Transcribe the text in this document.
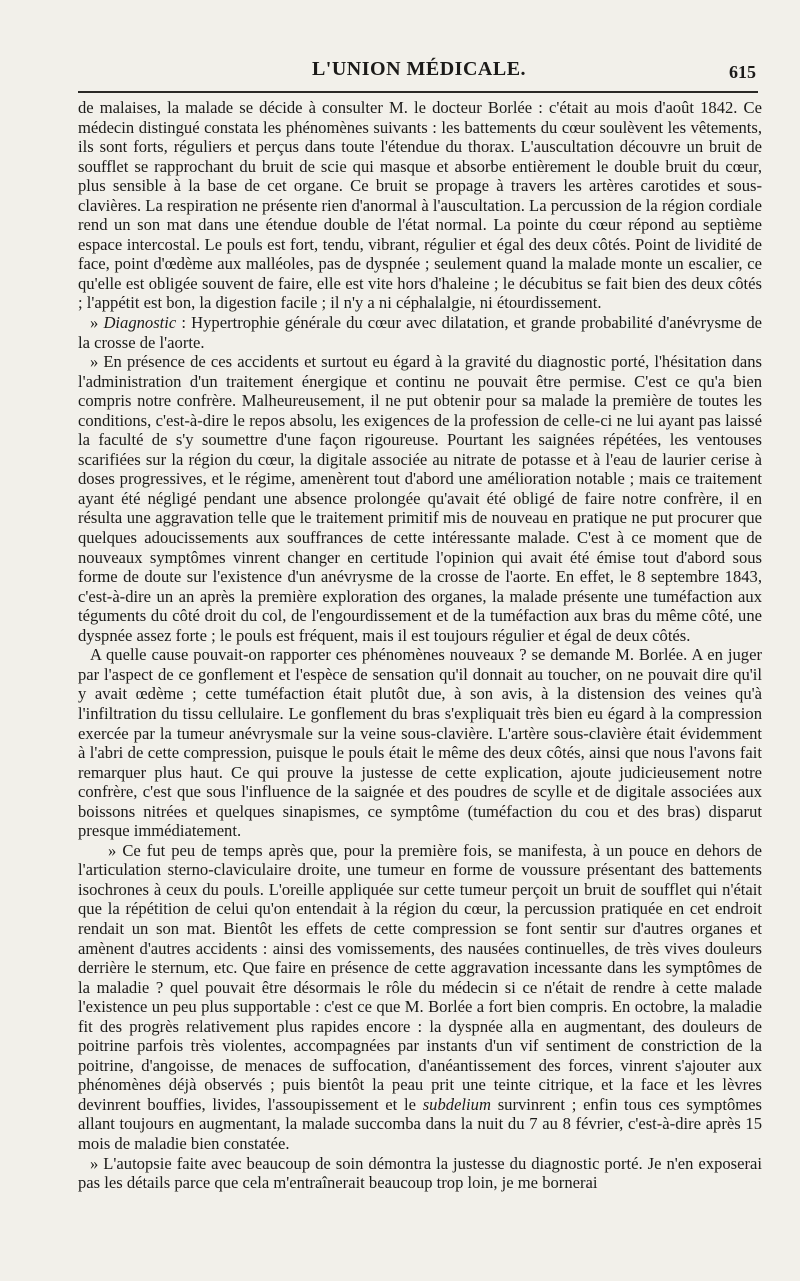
L'UNION MÉDICALE.	615

de malaises, la malade se décide à consulter M. le docteur Borlée : c'était au mois d'août 1842. Ce médecin distingué constata les phénomènes suivants : les battements du cœur soulèvent les vêtements, ils sont forts, réguliers et perçus dans toute l'étendue du thorax. L'auscultation découvre un bruit de soufflet se rapprochant du bruit de scie qui masque et absorbe entièrement le double bruit du cœur, plus sensible à la base de cet organe. Ce bruit se propage à travers les artères carotides et sous-clavières. La respiration ne présente rien d'anormal à l'auscultation. La percussion de la région cordiale rend un son mat dans une étendue double de l'état normal. La pointe du cœur répond au septième espace intercostal. Le pouls est fort, tendu, vibrant, régulier et égal des deux côtés. Point de lividité de face, point d'œdème aux malléoles, pas de dyspnée ; seulement quand la malade monte un escalier, ce qu'elle est obligée souvent de faire, elle est vite hors d'haleine ; le décubitus se fait bien des deux côtés ; l'appétit est bon, la digestion facile ; il n'y a ni céphalalgie, ni étourdissement.

» Diagnostic : Hypertrophie générale du cœur avec dilatation, et grande probabilité d'anévrysme de la crosse de l'aorte.

» En présence de ces accidents et surtout eu égard à la gravité du diagnostic porté, l'hésitation dans l'administration d'un traitement énergique et continu ne pouvait être permise. C'est ce qu'a bien compris notre confrère. Malheureusement, il ne put obtenir pour sa malade la première de toutes les conditions, c'est-à-dire le repos absolu, les exigences de la profession de celle-ci ne lui ayant pas laissé la faculté de s'y soumettre d'une façon rigoureuse. Pourtant les saignées répétées, les ventouses scarifiées sur la région du cœur, la digitale associée au nitrate de potasse et à l'eau de laurier cerise à doses progressives, et le régime, amenèrent tout d'abord une amélioration notable ; mais ce traitement ayant été négligé pendant une absence prolongée qu'avait été obligé de faire notre confrère, il en résulta une aggravation telle que le traitement primitif mis de nouveau en pratique ne put procurer que quelques adoucissements aux souffrances de cette intéressante malade. C'est à ce moment que de nouveaux symptômes vinrent changer en certitude l'opinion qui avait été émise tout d'abord sous forme de doute sur l'existence d'un anévrysme de la crosse de l'aorte. En effet, le 8 septembre 1843, c'est-à-dire un an après la première exploration des organes, la malade présente une tuméfaction aux téguments du côté droit du col, de l'engourdissement et de la tuméfaction aux bras du même côté, une dyspnée assez forte ; le pouls est fréquent, mais il est toujours régulier et égal de deux côtés.

A quelle cause pouvait-on rapporter ces phénomènes nouveaux ? se demande M. Borlée. A en juger par l'aspect de ce gonflement et l'espèce de sensation qu'il donnait au toucher, on ne pouvait dire qu'il y avait œdème ; cette tuméfaction était plutôt due, à son avis, à la distension des veines qu'à l'infiltration du tissu cellulaire. Le gonflement du bras s'expliquait très bien eu égard à la compression exercée par la tumeur anévrysmale sur la veine sous-clavière. L'artère sous-clavière était évidemment à l'abri de cette compression, puisque le pouls était le même des deux côtés, ainsi que nous l'avons fait remarquer plus haut. Ce qui prouve la justesse de cette explication, ajoute judicieusement notre confrère, c'est que sous l'influence de la saignée et des poudres de scylle et de digitale associées aux boissons nitrées et quelques sinapismes, ce symptôme (tuméfaction du cou et des bras) disparut presque immédiatement.

» Ce fut peu de temps après que, pour la première fois, se manifesta, à un pouce en dehors de l'articulation sterno-claviculaire droite, une tumeur en forme de voussure présentant des battements isochrones à ceux du pouls. L'oreille appliquée sur cette tumeur perçoit un bruit de soufflet qui n'était que la répétition de celui qu'on entendait à la région du cœur, la percussion pratiquée en cet endroit rendait un son mat. Bientôt les effets de cette compression se font sentir sur d'autres organes et amènent d'autres accidents : ainsi des vomissements, des nausées continuelles, de très vives douleurs derrière le sternum, etc. Que faire en présence de cette aggravation incessante dans les symptômes de la maladie ? quel pouvait être désormais le rôle du médecin si ce n'était de rendre à cette malade l'existence un peu plus supportable : c'est ce que M. Borlée a fort bien compris. En octobre, la maladie fit des progrès relativement plus rapides encore : la dyspnée alla en augmentant, des douleurs de poitrine parfois très violentes, accompagnées par instants d'un vif sentiment de constriction de la poitrine, d'angoisse, de menaces de suffocation, d'anéantissement des forces, vinrent s'ajouter aux phénomènes déjà observés ; puis bientôt la peau prit une teinte citrique, et la face et les lèvres devinrent bouffies, livides, l'assoupissement et le subdelium survinrent ; enfin tous ces symptômes allant toujours en augmentant, la malade succomba dans la nuit du 7 au 8 février, c'est-à-dire après 15 mois de maladie bien constatée.

» L'autopsie faite avec beaucoup de soin démontra la justesse du diagnostic porté. Je n'en exposerai pas les détails parce que cela m'entraînerait beaucoup trop loin, je me bornerai
